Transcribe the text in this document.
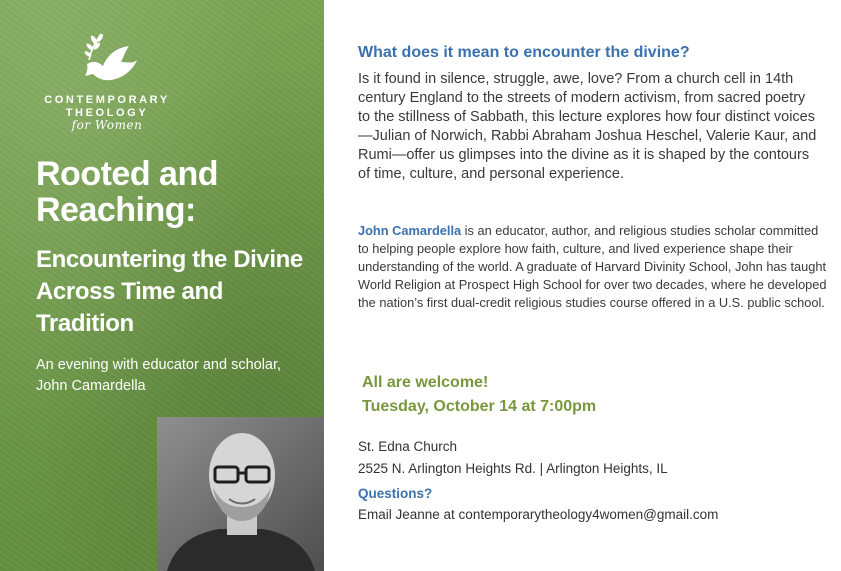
CONTEMPORARY
THEOLOGY
for Women
Rooted and Reaching:
Encountering the Divine Across Time and Tradition
An evening with educator and scholar, John Camardella
What does it mean to encounter the divine?
Is it found in silence, struggle, awe, love? From a church cell in 14th century England to the streets of modern activism, from sacred poetry to the stillness of Sabbath, this lecture explores how four distinct voices—Julian of Norwich, Rabbi Abraham Joshua Heschel, Valerie Kaur, and Rumi—offer us glimpses into the divine as it is shaped by the contours of time, culture, and personal experience.
John Camardella is an educator, author, and religious studies scholar committed to helping people explore how faith, culture, and lived experience shape their understanding of the world. A graduate of Harvard Divinity School, John has taught World Religion at Prospect High School for over two decades, where he developed the nation’s first dual-credit religious studies course offered in a U.S. public school.
All are welcome!
Tuesday, October 14 at 7:00pm
St. Edna Church
2525 N. Arlington Heights Rd. | Arlington Heights, IL
Questions?
Email Jeanne at contemporarytheology4women@gmail.com
